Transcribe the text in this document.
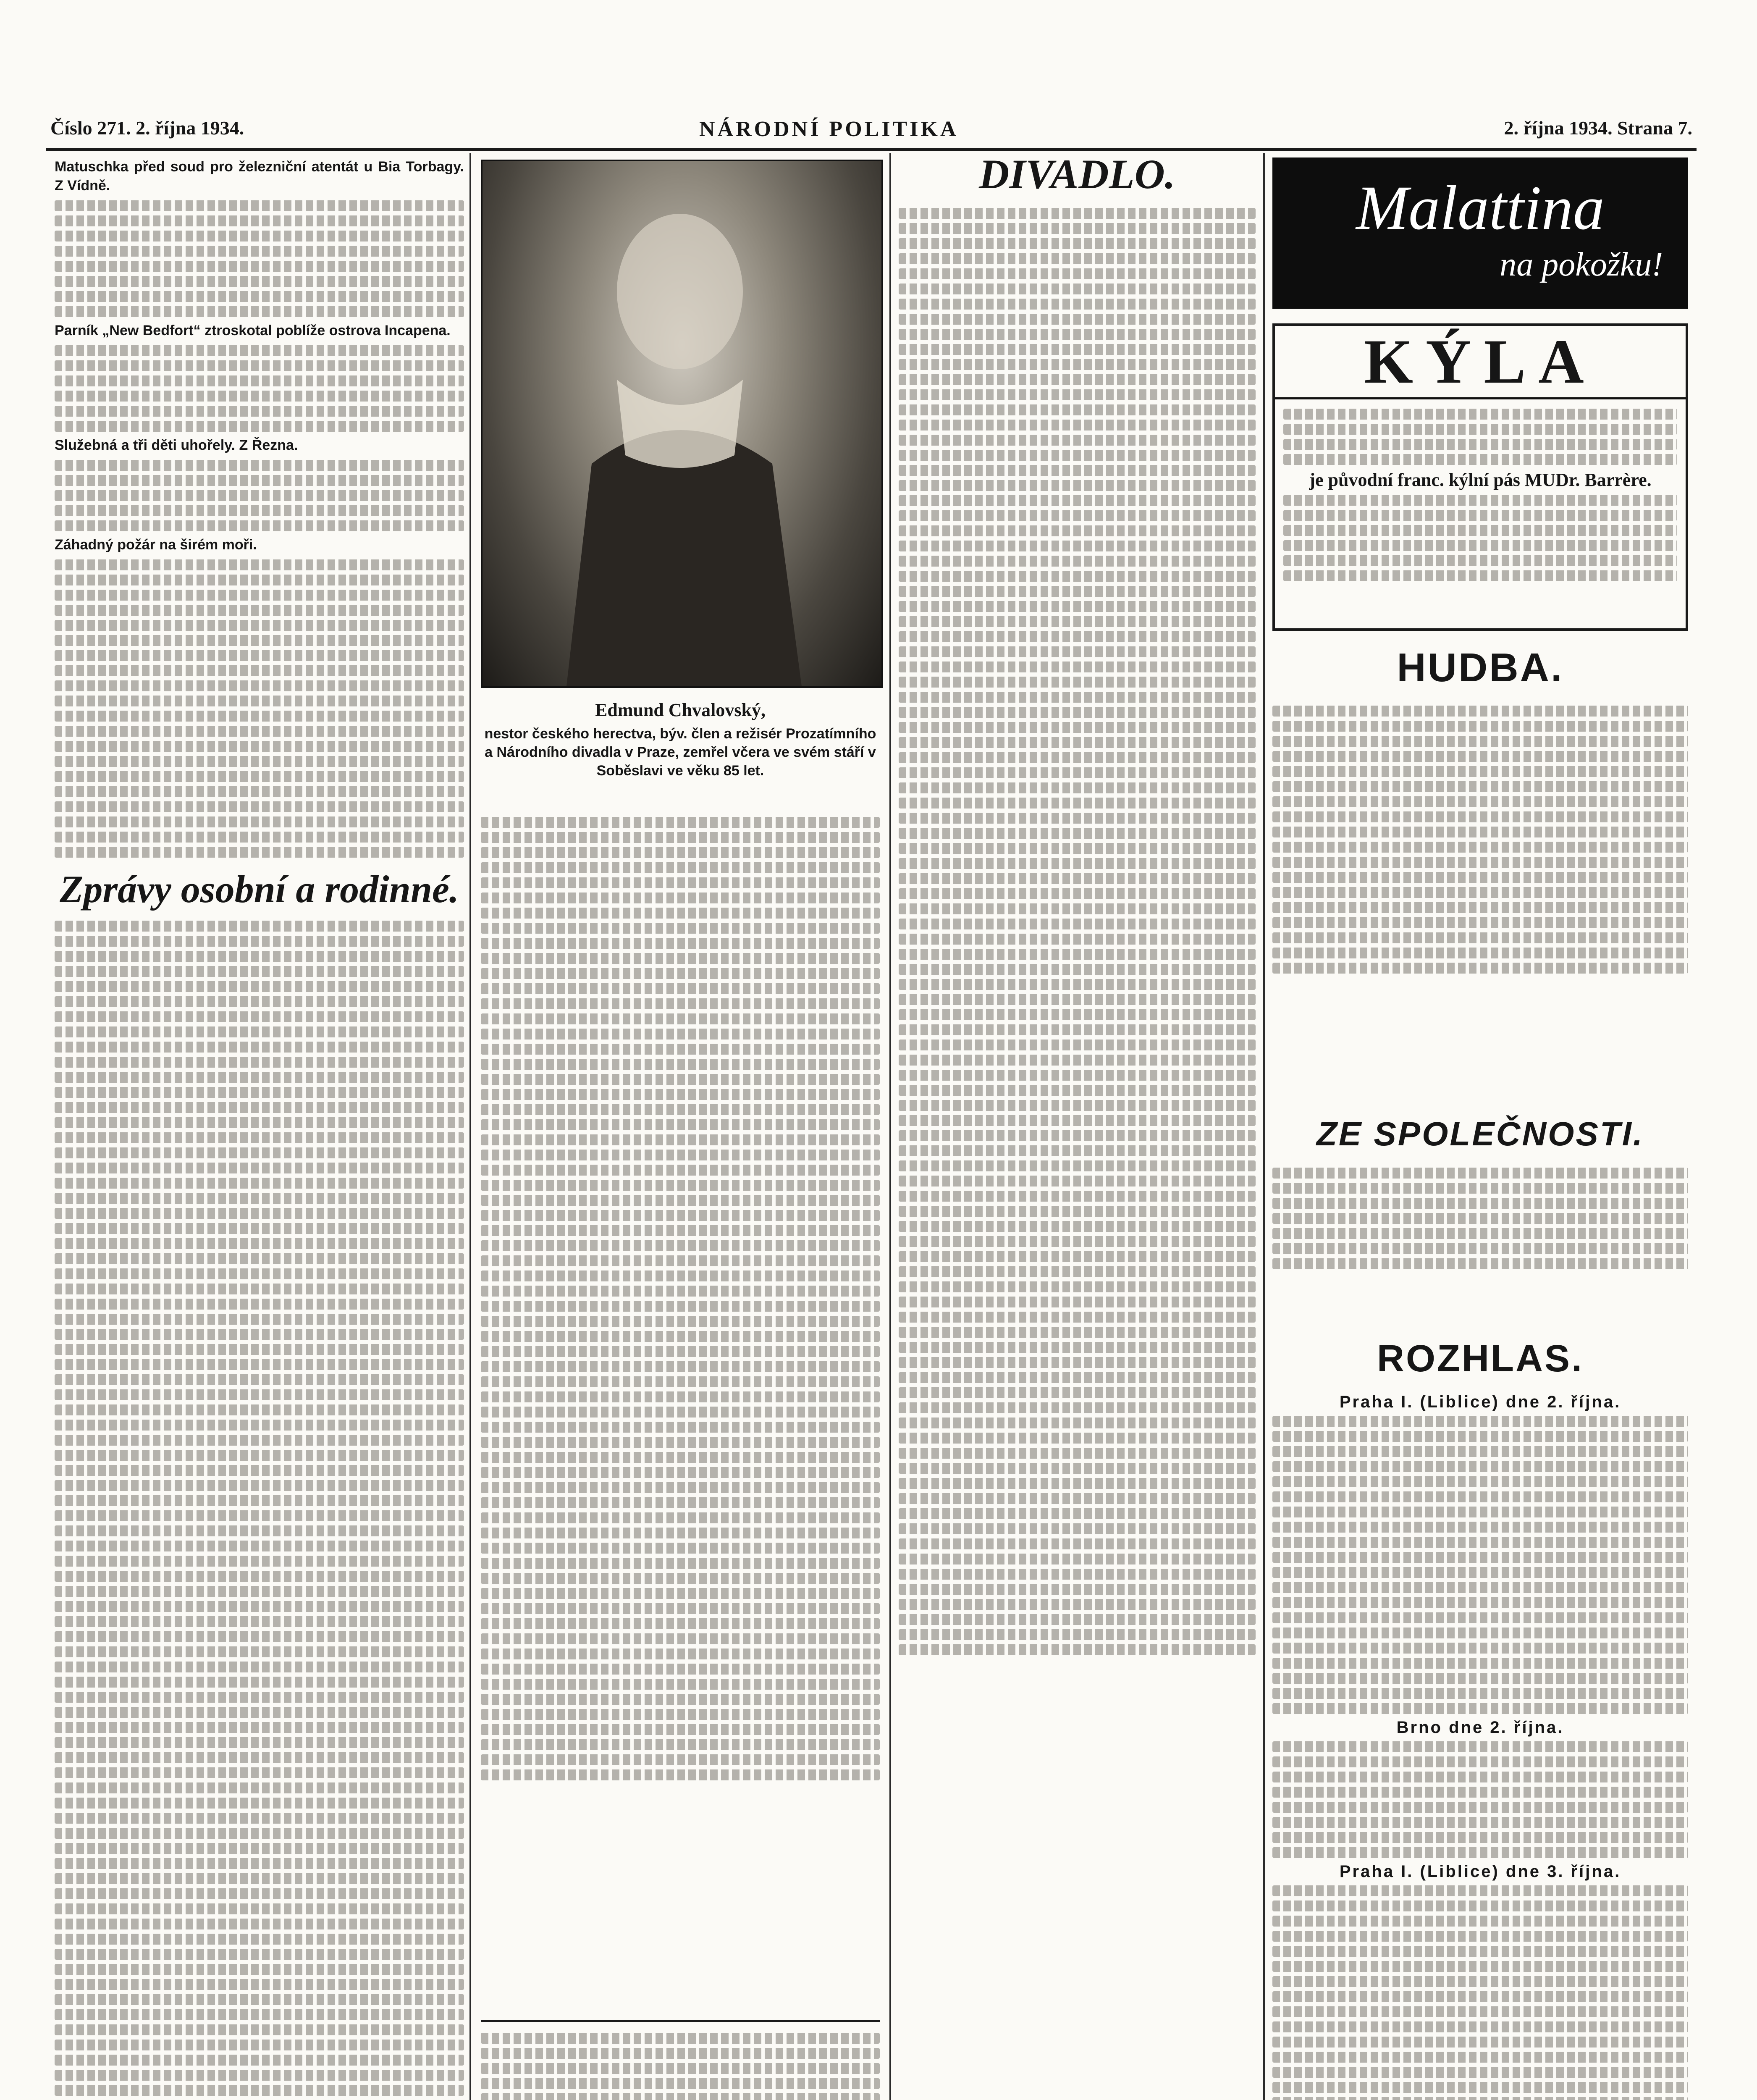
Číslo 271. 2. října 1934.	NÁRODNÍ POLITIKA	2. října 1934. Strana 7.

Matuschka před soud pro železniční atentát u Bia Torbagy. Z Vídně.

Parník „New Bedfort“ ztroskotal poblíže ostrova Incapena.

Služebná a tři děti uhořely. Z Řezna.

Záhadný požár na širém moři.

Zprávy osobní a rodinné.

Edmund Chvalovský,
nestor českého herectva, býv. člen a režisér Prozatímního a Národního divadla v Praze, zemřel včera ve svém stáří v Soběslavi ve věku 85 let.
DIVADLO.	Malattina
na pokožku!
KÝLA
je původní franc. kýlní pás MUDr. Barrère.
HUDBA.
ZE SPOLEČNOSTI.
ROZHLAS.
Praha I. (Liblice) dne 2. října.
Brno dne 2. října.
Praha I. (Liblice) dne 3. října.
